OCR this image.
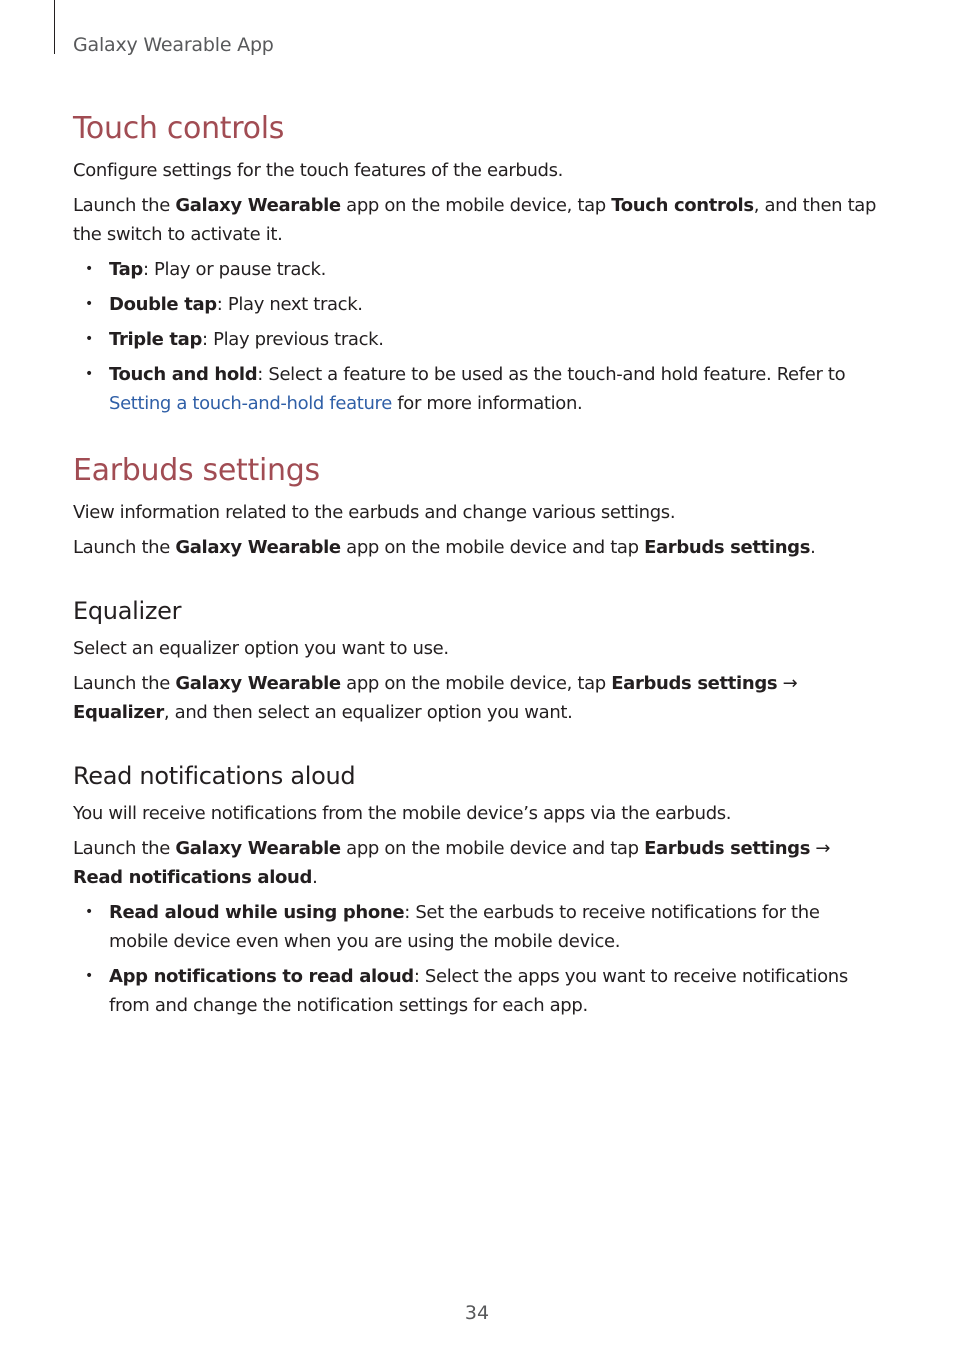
Galaxy Wearable App
Touch controls

Configure settings for the touch features of the earbuds.

Launch the Galaxy Wearable app on the mobile device, tap Touch controls, and then tap the switch to activate it.

• Tap: Play or pause track.
• Double tap: Play next track.
• Triple tap: Play previous track.
• Touch and hold: Select a feature to be used as the touch-and hold feature. Refer to Setting a touch-and-hold feature for more information.
Earbuds settings

View information related to the earbuds and change various settings.

Launch the Galaxy Wearable app on the mobile device and tap Earbuds settings.

Equalizer

Select an equalizer option you want to use.

Launch the Galaxy Wearable app on the mobile device, tap Earbuds settings → Equalizer, and then select an equalizer option you want.

Read notifications aloud

You will receive notifications from the mobile device’s apps via the earbuds.

Launch the Galaxy Wearable app on the mobile device and tap Earbuds settings → Read notifications aloud.

• Read aloud while using phone: Set the earbuds to receive notifications for the mobile device even when you are using the mobile device.
• App notifications to read aloud: Select the apps you want to receive notifications from and change the notification settings for each app.
34
